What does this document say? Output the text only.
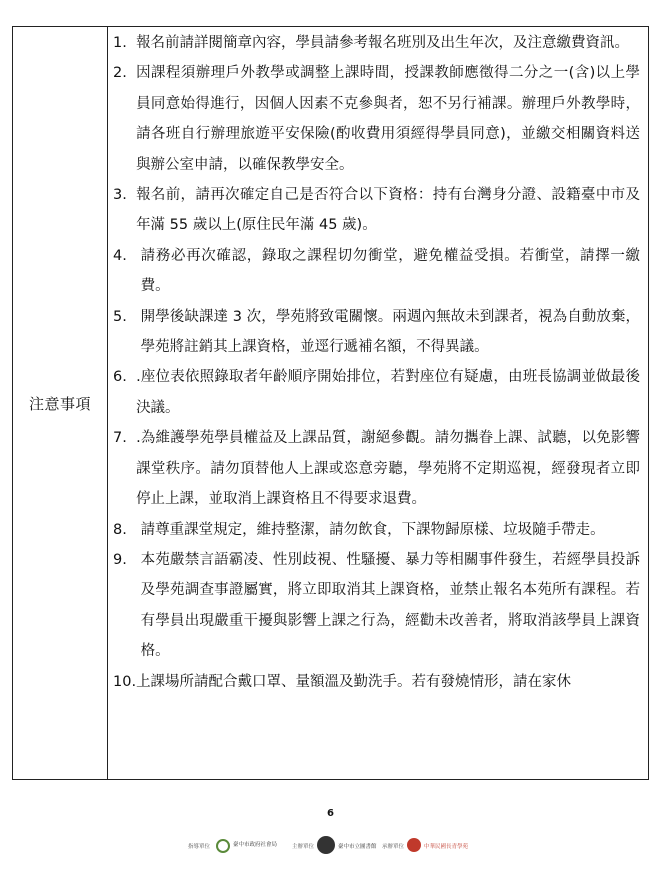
注意事項
1. 報名前請詳閱簡章內容，學員請參考報名班別及出生年次，及注意繳費資訊。
2. 因課程須辦理戶外教學或調整上課時間，授課教師應徵得二分之一(含)以上學員同意始得進行，因個人因素不克參與者，恕不另行補課。辦理戶外教學時，請各班自行辦理旅遊平安保險(酌收費用須經得學員同意)，並繳交相關資料送與辦公室申請，以確保教學安全。
3. 報名前，請再次確定自己是否符合以下資格：持有台灣身分證、設籍臺中市及年滿 55 歲以上(原住民年滿 45 歲)。
4. 請務必再次確認，錄取之課程切勿衝堂，避免權益受損。若衝堂，請擇一繳費。
5. 開學後缺課達 3 次，學苑將致電關懷。兩週內無故未到課者，視為自動放棄，學苑將註銷其上課資格，並逕行遞補名額，不得異議。
6. .座位表依照錄取者年齡順序開始排位，若對座位有疑慮，由班長協調並做最後決議。
7. .為維護學苑學員權益及上課品質，謝絕參觀。請勿攜眷上課、試聽，以免影響課堂秩序。請勿頂替他人上課或恣意旁聽，學苑將不定期巡視，經發現者立即停止上課，並取消上課資格且不得要求退費。
8. 請尊重課堂規定，維持整潔，請勿飲食，下課物歸原樣、垃圾隨手帶走。
9. 本苑嚴禁言語霸凌、性別歧視、性騷擾、暴力等相關事件發生，若經學員投訴及學苑調查事證屬實，將立即取消其上課資格，並禁止報名本苑所有課程。若有學員出現嚴重干擾與影響上課之行為，經勸未改善者，將取消該學員上課資格。
10. 上課場所請配合戴口罩、量額溫及勤洗手。若有發燒情形，請在家休
6
指導單位	臺中市政府社會局	主辦單位	臺中市立圖書館 承辦單位	中華民國長青學苑
